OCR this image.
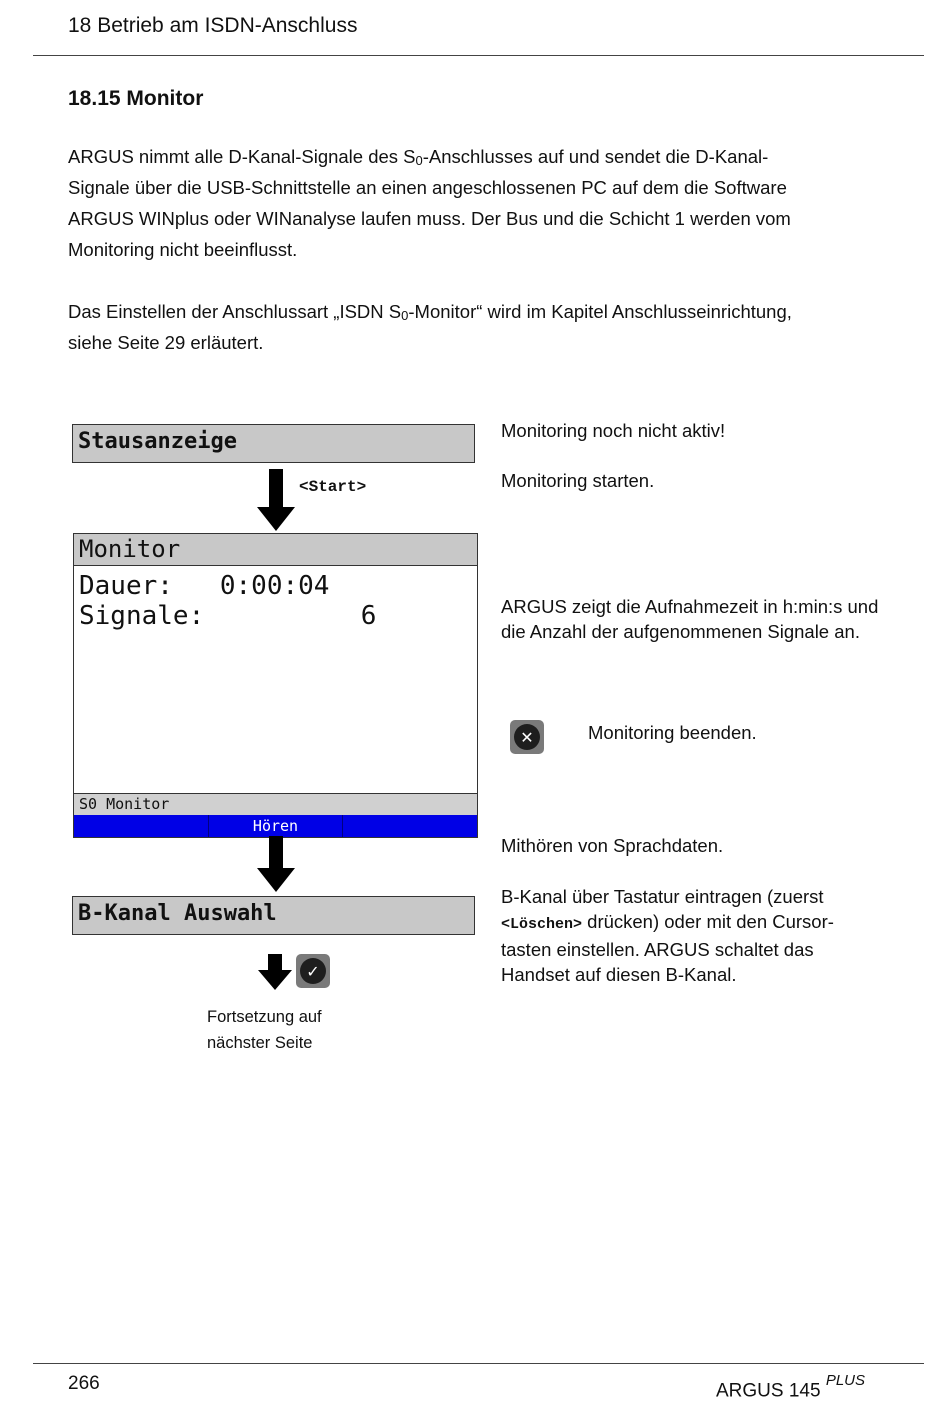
18 Betrieb am ISDN-Anschluss
18.15 Monitor
ARGUS nimmt alle D-Kanal-Signale des $S_0$-Anschlusses auf und sendet die D-Kanal-
Signale über die USB-Schnittstelle an einen angeschlossenen PC auf dem die Software
ARGUS WINplus oder WINanalyse laufen muss. Der Bus und die Schicht 1 werden vom
Monitoring nicht beeinflusst.
Das Einstellen der Anschlussart „ISDN $S_0-Monitor“$ wird im Kapitel Anschlusseinrichtung,
siehe Seite 29 erläutert.
Stausanzeige
<Start>
Monitor
Dauer:   0:00:04
Signale:          6
S0 Monitor
Hören
B-Kanal Auswahl
✓
Fortsetzung auf
nächster Seite
Monitoring noch nicht aktiv!
Monitoring starten.
ARGUS zeigt die Aufnahmezeit in h:min:s und die Anzahl der aufgenommenen Signale an.
✕	Monitoring beenden.
Mithören von Sprachdaten.
B-Kanal über Tastatur eintragen (zuerst
<Löschen> drücken) oder mit den Cursor-
tasten einstellen. ARGUS schaltet das
Handset auf diesen B-Kanal.
266	ARGUS 145 $^{PLUS}$
